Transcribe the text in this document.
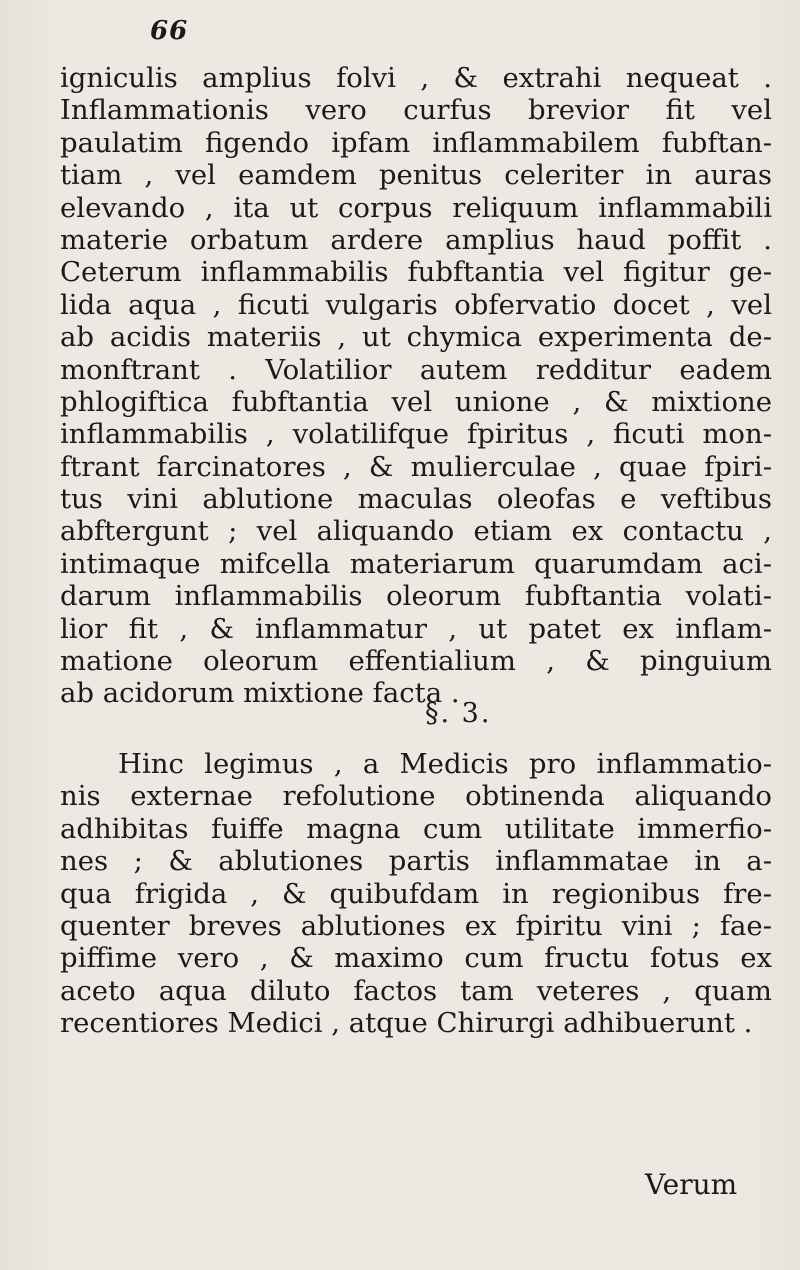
66
igniculis amplius folvi , & extrahi nequeat .
Inflammationis vero curfus brevior fit vel
paulatim figendo ipfam inflammabilem fubftan-
tiam , vel eamdem penitus celeriter in auras
elevando , ita ut corpus reliquum inflammabili
materie orbatum ardere amplius haud poffit .
Ceterum inflammabilis fubftantia vel figitur ge-
lida aqua , ficuti vulgaris obfervatio docet , vel
ab acidis materiis , ut chymica experimenta de-
monftrant . Volatilior autem redditur eadem
phlogiftica fubftantia vel unione , & mixtione
inflammabilis , volatilifque fpiritus , ficuti mon-
ftrant farcinatores , & mulierculae , quae fpiri-
tus vini ablutione maculas oleofas e veftibus
abftergunt ; vel aliquando etiam ex contactu ,
intimaque mifcella materiarum quarumdam aci-
darum inflammabilis oleorum fubftantia volati-
lior fit , & inflammatur , ut patet ex inflam-
matione oleorum effentialium , & pinguium
ab acidorum mixtione facta .
§. 3.
Hinc legimus , a Medicis pro inflammatio-
nis externae refolutione obtinenda aliquando
adhibitas fuiffe magna cum utilitate immerfio-
nes ; & ablutiones partis inflammatae in a-
qua frigida , & quibufdam in regionibus fre-
quenter breves ablutiones ex fpiritu vini ; fae-
piffime vero , & maximo cum fructu fotus ex
aceto aqua diluto factos tam veteres , quam
recentiores Medici , atque Chirurgi adhibuerunt .
Verum
